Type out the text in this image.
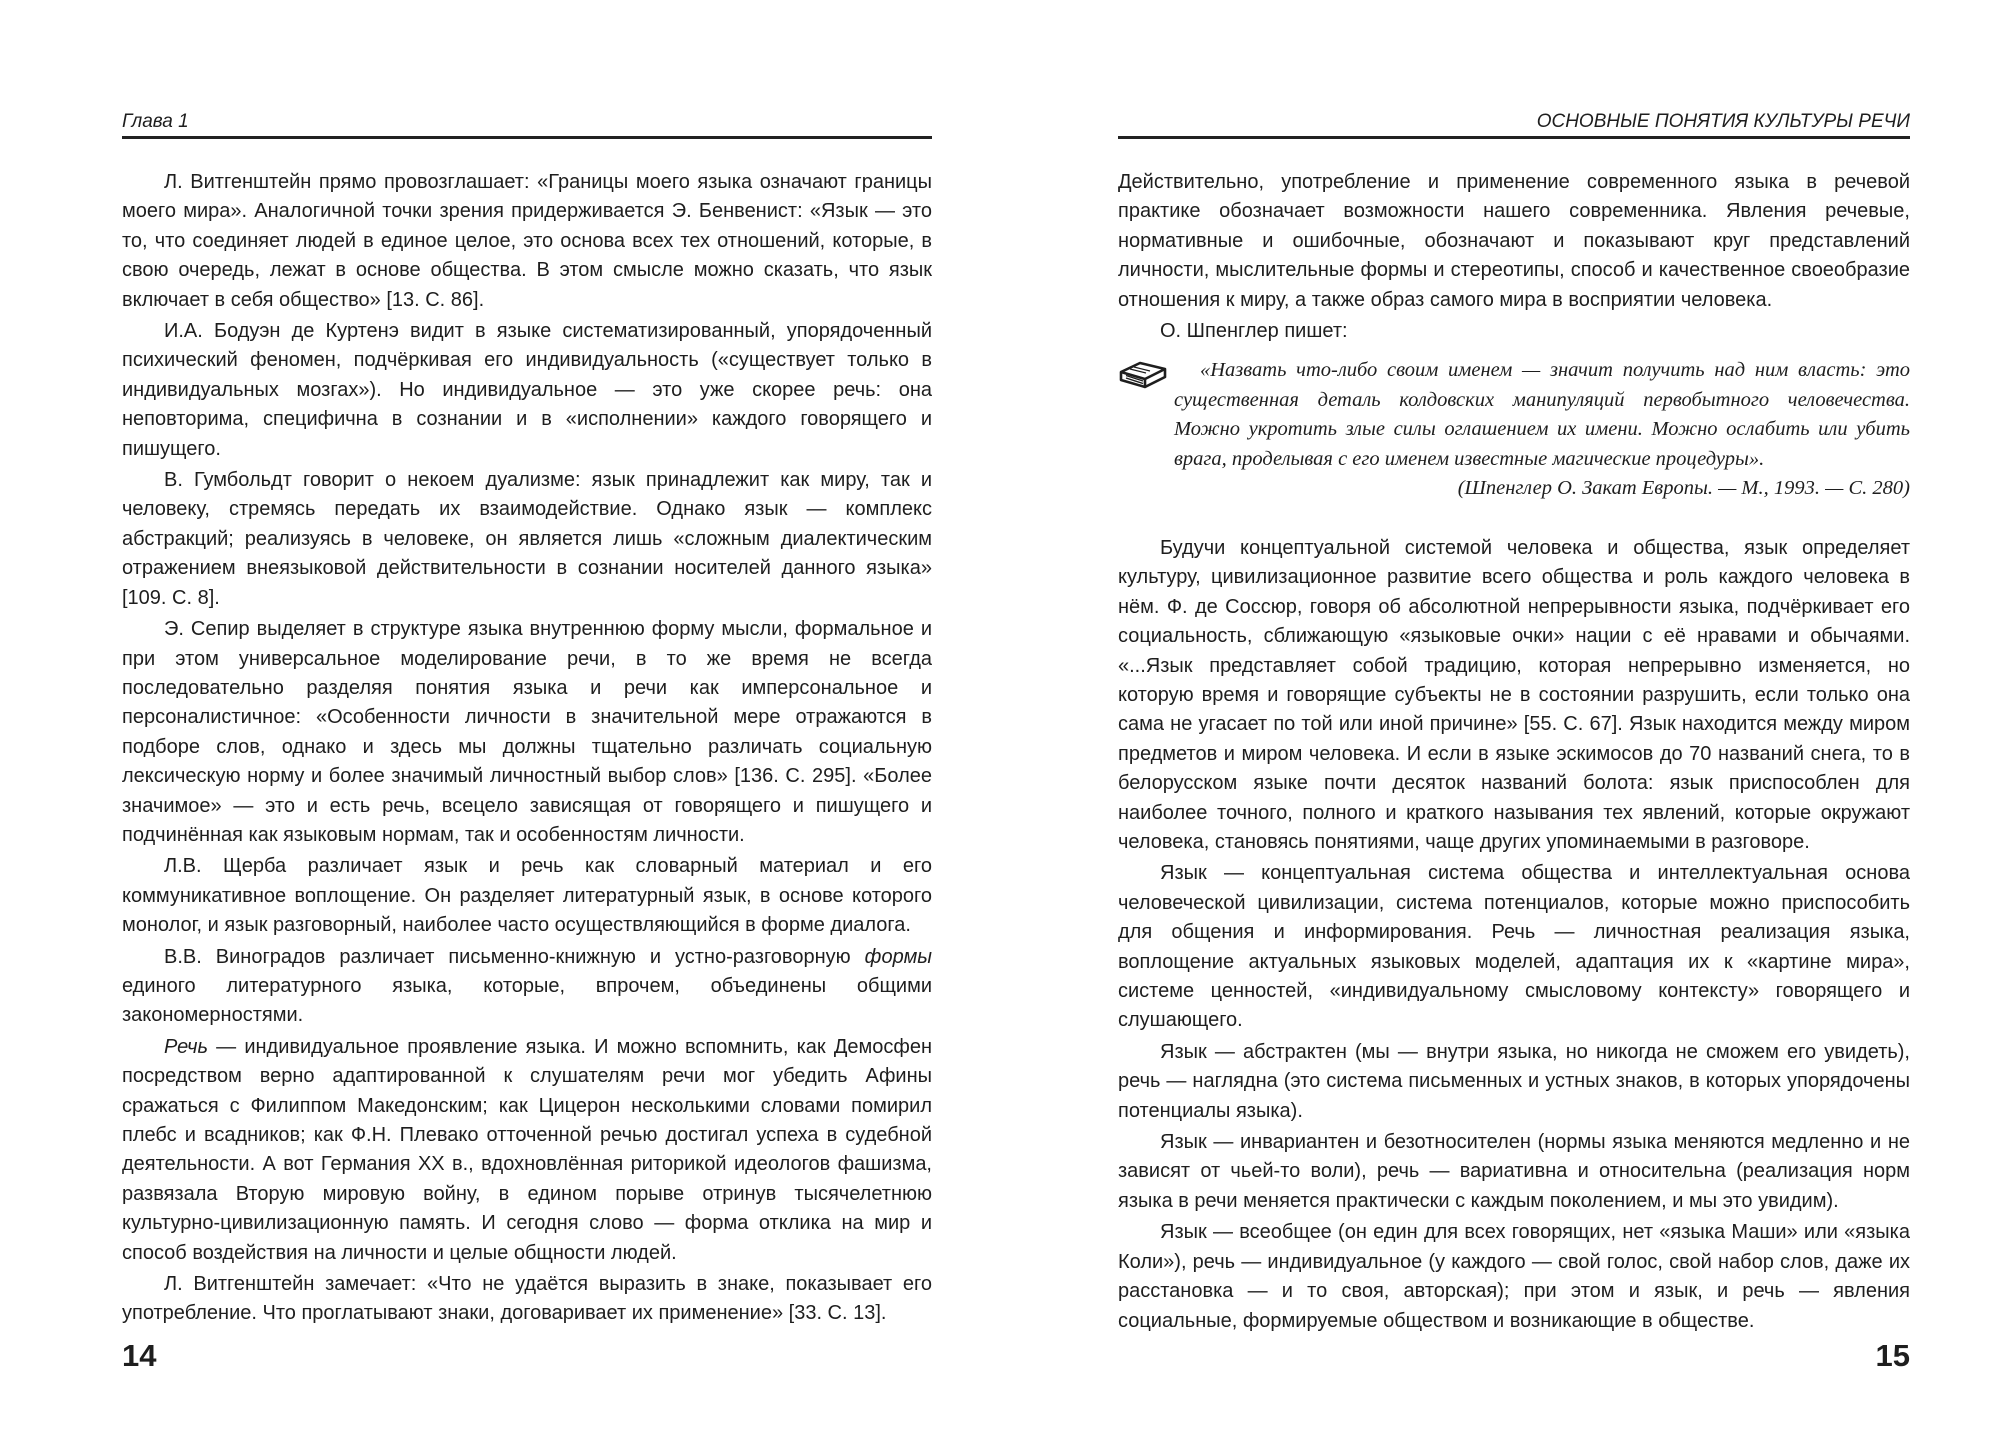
Глава 1

Л. Витгенштейн прямо провозглашает: «Границы моего языка означают границы моего мира». Аналогичной точки зрения придерживается Э. Бенвенист: «Язык — это то, что соединяет людей в единое целое, это основа всех тех отношений, которые, в свою очередь, лежат в основе общества. В этом смысле можно сказать, что язык включает в себя общество» [13. С. 86].

И.А. Бодуэн де Куртенэ видит в языке систематизированный, упорядоченный психический феномен, подчёркивая его индивидуальность («существует только в индивидуальных мозгах»). Но индивидуальное — это уже скорее речь: она неповторима, специфична в сознании и в «исполнении» каждого говорящего и пишущего.

В. Гумбольдт говорит о некоем дуализме: язык принадлежит как миру, так и человеку, стремясь передать их взаимодействие. Однако язык — комплекс абстракций; реализуясь в человеке, он является лишь «сложным диалектическим отражением внеязыковой действительности в сознании носителей данного языка» [109. С. 8].

Э. Сепир выделяет в структуре языка внутреннюю форму мысли, формальное и при этом универсальное моделирование речи, в то же время не всегда последовательно разделяя понятия языка и речи как имперсональное и персоналистичное: «Особенности личности в значительной мере отражаются в подборе слов, однако и здесь мы должны тщательно различать социальную лексическую норму и более значимый личностный выбор слов» [136. С. 295]. «Более значимое» — это и есть речь, всецело зависящая от говорящего и пишущего и подчинённая как языковым нормам, так и особенностям личности.

Л.В. Щерба различает язык и речь как словарный материал и его коммуникативное воплощение. Он разделяет литературный язык, в основе которого монолог, и язык разговорный, наиболее часто осуществляющийся в форме диалога.

В.В. Виноградов различает письменно-книжную и устно-разговорную формы единого литературного языка, которые, впрочем, объединены общими закономерностями.

Речь — индивидуальное проявление языка. И можно вспомнить, как Демосфен посредством верно адаптированной к слушателям речи мог убедить Афины сражаться с Филиппом Македонским; как Цицерон несколькими словами помирил плебс и всадников; как Ф.Н. Плевако отточенной речью достигал успеха в судебной деятельности. А вот Германия XX в., вдохновлённая риторикой идеологов фашизма, развязала Вторую мировую войну, в едином порыве отринув тысячелетнюю культурно-цивилизационную память. И сегодня слово — форма отклика на мир и способ воздействия на личности и целые общности людей.

Л. Витгенштейн замечает: «Что не удаётся выразить в знаке, показывает его употребление. Что проглатывают знаки, договаривает их применение» [33. С. 13].

14
ОСНОВНЫЕ ПОНЯТИЯ КУЛЬТУРЫ РЕЧИ

Действительно, употребление и применение современного языка в речевой практике обозначает возможности нашего современника. Явления речевые, нормативные и ошибочные, обозначают и показывают круг представлений личности, мыслительные формы и стереотипы, способ и качественное своеобразие отношения к миру, а также образ самого мира в восприятии человека.

О. Шпенглер пишет:

«Назвать что-либо своим именем — значит получить над ним власть: это существенная деталь колдовских манипуляций первобытного человечества. Можно укротить злые силы оглашением их имени. Можно ослабить или убить врага, проделывая с его именем известные магические процедуры».

(Шпенглер О. Закат Европы. — М., 1993. — С. 280)

Будучи концептуальной системой человека и общества, язык определяет культуру, цивилизационное развитие всего общества и роль каждого человека в нём. Ф. де Соссюр, говоря об абсолютной непрерывности языка, подчёркивает его социальность, сближающую «языковые очки» нации с её нравами и обычаями. «...Язык представляет собой традицию, которая непрерывно изменяется, но которую время и говорящие субъекты не в состоянии разрушить, если только она сама не угасает по той или иной причине» [55. С. 67]. Язык находится между миром предметов и миром человека. И если в языке эскимосов до 70 названий снега, то в белорусском языке почти десяток названий болота: язык приспособлен для наиболее точного, полного и краткого называния тех явлений, которые окружают человека, становясь понятиями, чаще других упоминаемыми в разговоре.

Язык — концептуальная система общества и интеллектуальная основа человеческой цивилизации, система потенциалов, которые можно приспособить для общения и информирования. Речь — личностная реализация языка, воплощение актуальных языковых моделей, адаптация их к «картине мира», системе ценностей, «индивидуальному смысловому контексту» говорящего и слушающего.

Язык — абстрактен (мы — внутри языка, но никогда не сможем его увидеть), речь — наглядна (это система письменных и устных знаков, в которых упорядочены потенциалы языка).

Язык — инвариантен и безотносителен (нормы языка меняются медленно и не зависят от чьей-то воли), речь — вариативна и относительна (реализация норм языка в речи меняется практически с каждым поколением, и мы это увидим).

Язык — всеобщее (он един для всех говорящих, нет «языка Маши» или «языка Коли»), речь — индивидуальное (у каждого — свой голос, свой набор слов, даже их расстановка — и то своя, авторская); при этом и язык, и речь — явления социальные, формируемые обществом и возникающие в обществе.

15
